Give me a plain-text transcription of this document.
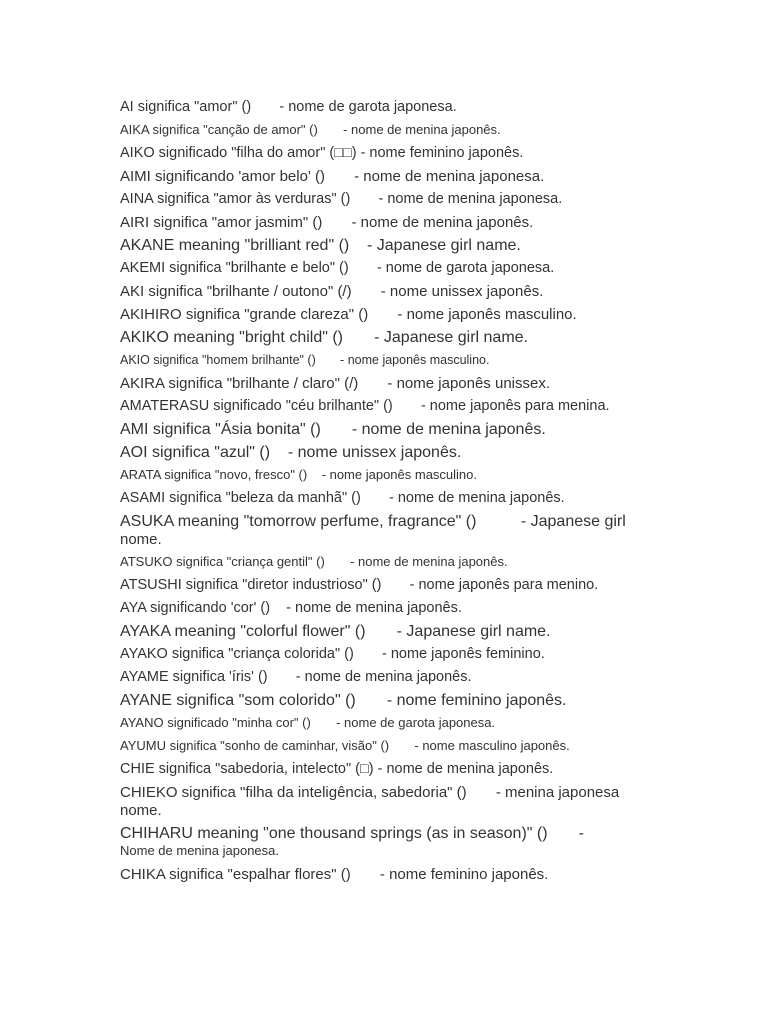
AI significa "amor" ()       - nome de garota japonesa.

AIKA significa "canção de amor" ()       - nome de menina japonês.

AIKO significado "filha do amor" (□□) - nome feminino japonês.

AIMI significando 'amor belo' ()       - nome de menina japonesa.

AINA significa "amor às verduras" ()       - nome de menina japonesa.

AIRI significa "amor jasmim" ()       - nome de menina japonês.

AKANE meaning "brilliant red" ()    - Japanese girl name.

AKEMI significa "brilhante e belo" ()       - nome de garota japonesa.

AKI significa "brilhante / outono" (/)       - nome unissex japonês.

AKIHIRO significa "grande clareza" ()       - nome japonês masculino.

AKIKO meaning "bright child" ()       - Japanese girl name.

AKIO significa "homem brilhante" ()       - nome japonês masculino.

AKIRA significa "brilhante / claro" (/)       - nome japonês unissex.

AMATERASU significado "céu brilhante" ()       - nome japonês para menina.

AMI significa "Ásia bonita" ()       - nome de menina japonês.

AOI significa "azul" ()    - nome unissex japonês.

ARATA significa "novo, fresco" ()    - nome japonês masculino.

ASAMI significa "beleza da manhã" ()       - nome de menina japonês.

ASUKA meaning "tomorrow perfume, fragrance" ()          - Japanese girl

nome.

ATSUKO significa "criança gentil" ()       - nome de menina japonês.

ATSUSHI significa "diretor industrioso" ()       - nome japonês para menino.

AYA significando 'cor' ()    - nome de menina japonês.

AYAKA meaning "colorful flower" ()       - Japanese girl name.

AYAKO significa "criança colorida" ()       - nome japonês feminino.

AYAME significa 'íris' ()       - nome de menina japonês.

AYANE significa "som colorido" ()       - nome feminino japonês.

AYANO significado "minha cor" ()       - nome de garota japonesa.

AYUMU significa "sonho de caminhar, visão" ()       - nome masculino japonês.

CHIE significa "sabedoria, intelecto" (□) - nome de menina japonês.

CHIEKO significa "filha da inteligência, sabedoria" ()       - menina japonesa

nome.

CHIHARU meaning "one thousand springs (as in season)" ()       -

Nome de menina japonesa.

CHIKA significa "espalhar flores" ()       - nome feminino japonês.
